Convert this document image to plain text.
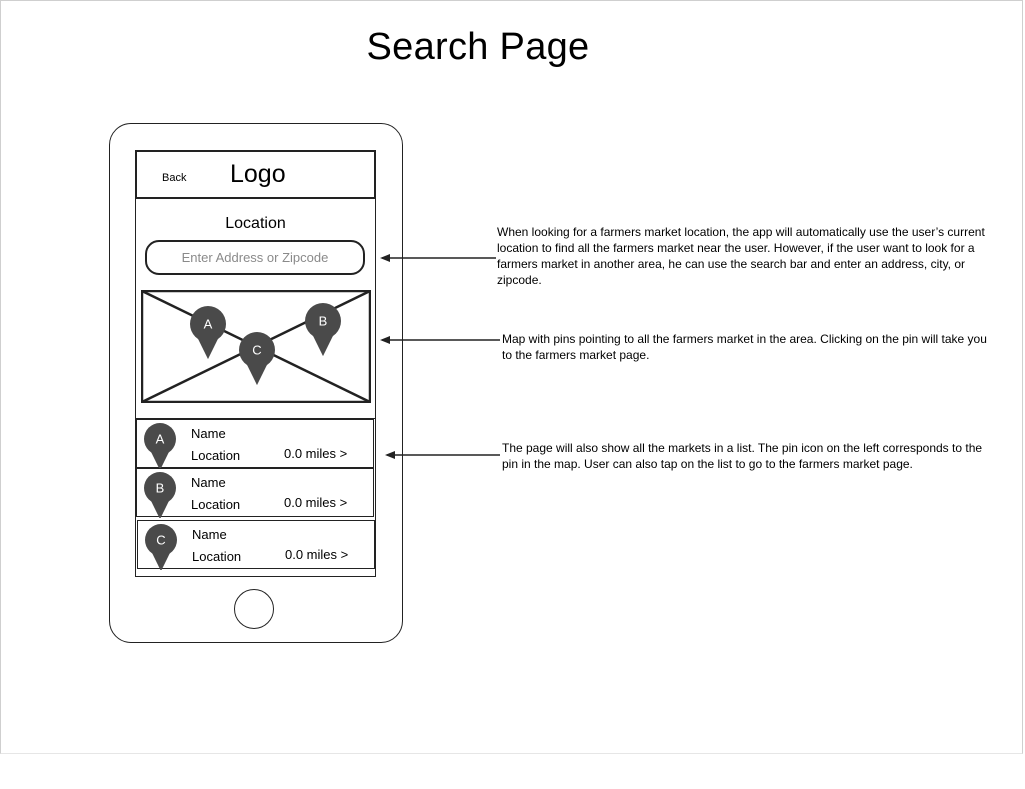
Search Page
Back Logo
Location
Enter Address or Zipcode
A	B
C
A Name
Location	0.0 miles >
B Name
Location	0.0 miles >
C Name
Location	0.0 miles >
When looking for a farmers market location, the app will automatically use the user’s current location to find all the farmers market near the user. However, if the user want to look for a farmers market in another area, he can use the search bar and enter an address, city, or zipcode.
Map with pins pointing to all the farmers market in the area. Clicking on the pin will take you to the farmers market page.
The page will also show all the markets in a list. The pin icon on the left corresponds to the pin in the map. User can also tap on the list to go to the farmers market page.
